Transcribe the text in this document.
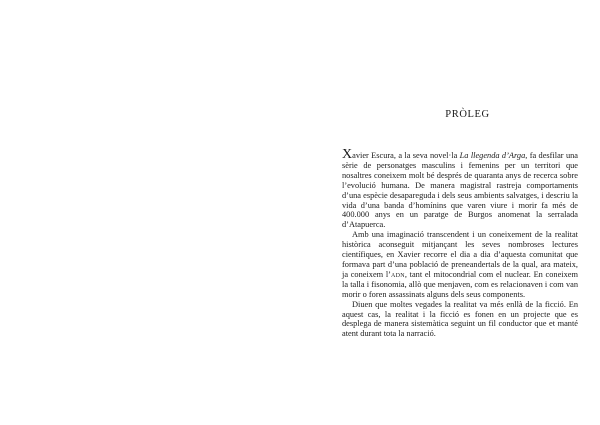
PRÒLEG

Xavier Escura, a la seva novel·la La llegenda d’Arga, fa desfilar una sèrie de personatges masculins i femenins per un territori que nosaltres coneixem molt bé després de quaranta anys de recerca sobre l’evolució humana. De manera magistral rastreja comportaments d’una espècie desapareguda i dels seus ambients salvatges, i descriu la vida d’una banda d’homínins que varen viure i morir fa més de 400.000 anys en un paratge de Burgos anomenat la serralada d’Atapuerca.

Amb una imaginació transcendent i un coneixement de la realitat històrica aconseguit mitjançant les seves nombroses lectures científiques, en Xavier recorre el dia a dia d’aquesta comunitat que formava part d’una població de preneandertals de la qual, ara mateix, ja coneixem l’adn, tant el mitocondrial com el nuclear. En coneixem la talla i fisonomia, allò que menjaven, com es relacionaven i com van morir o foren assassinats alguns dels seus components.

Diuen que moltes vegades la realitat va més enllà de la ficció. En aquest cas, la realitat i la ficció es fonen en un projecte que es desplega de manera sistemàtica seguint un fil conductor que et manté atent durant tota la narració.
